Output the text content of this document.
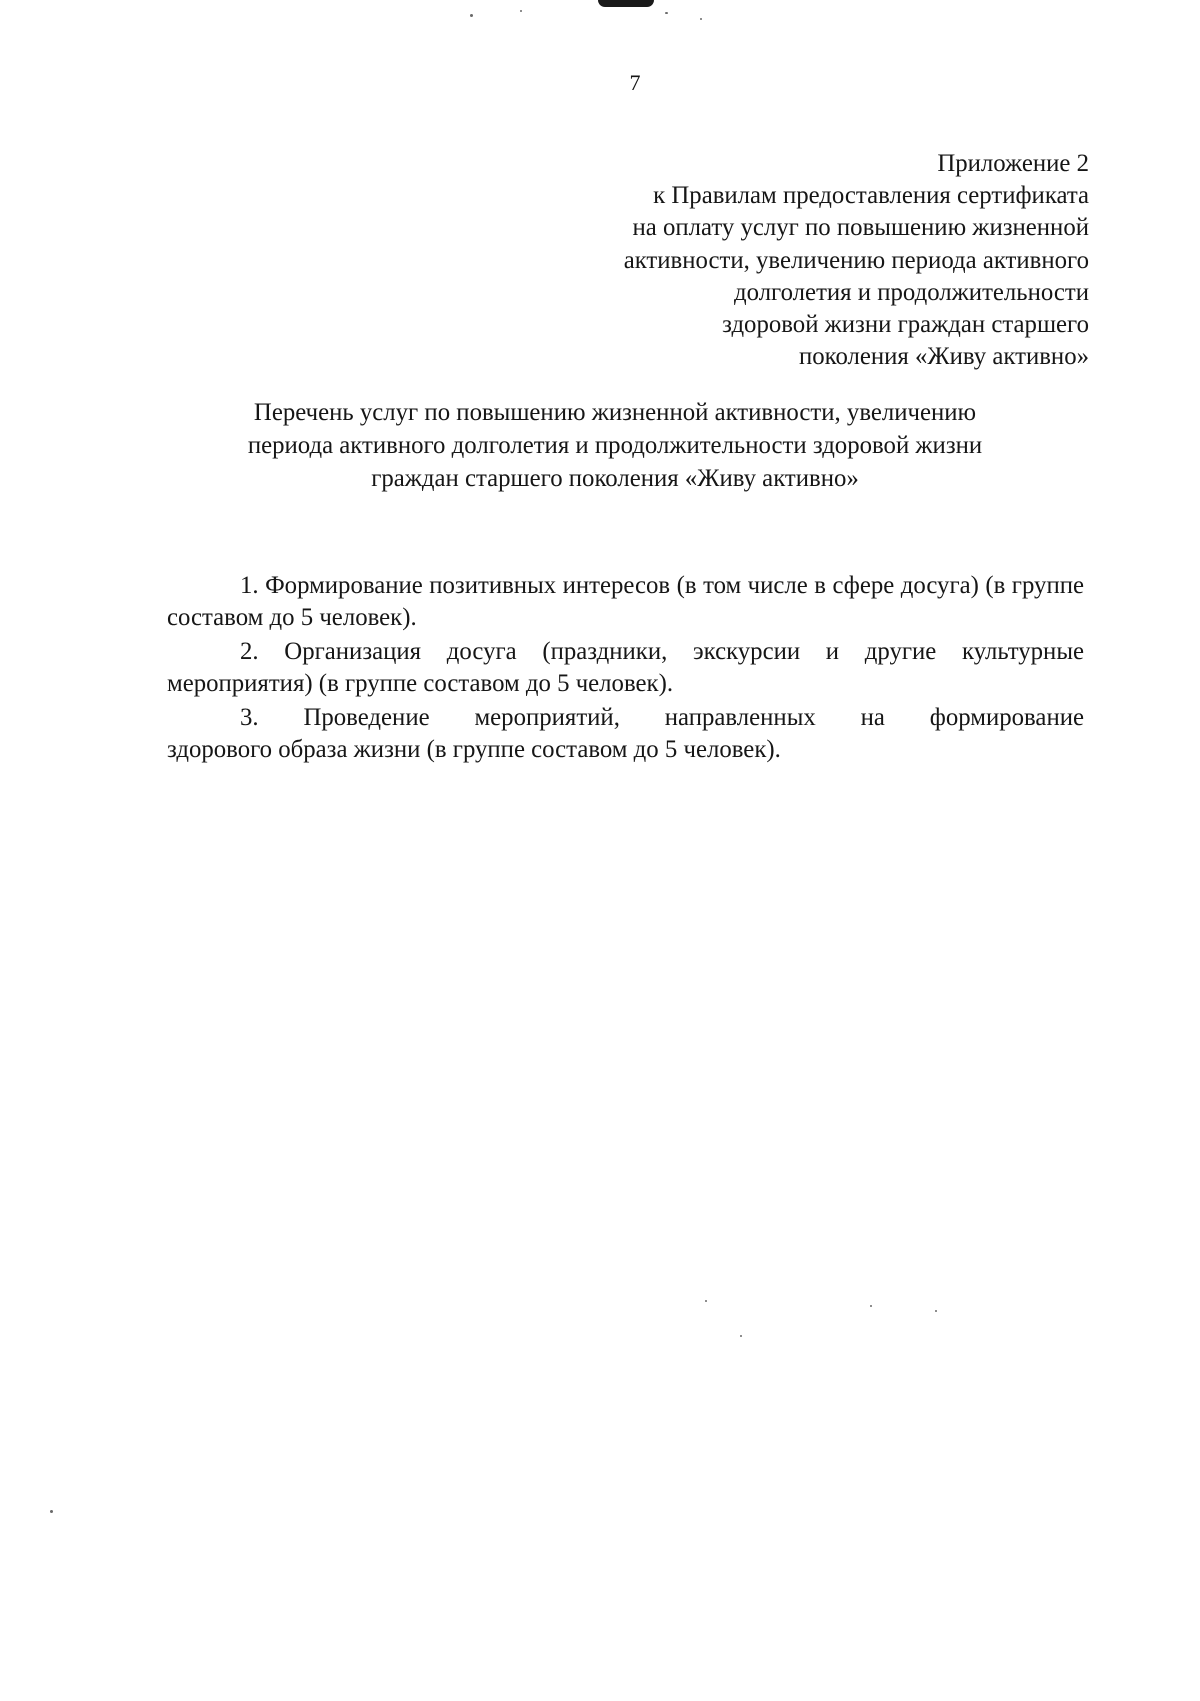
7
Приложение 2
к Правилам предоставления сертификата
на оплату услуг по повышению жизненной
активности, увеличению периода активного
долголетия и продолжительности
здоровой жизни граждан старшего
поколения «Живу активно»
Перечень услуг по повышению жизненной активности, увеличению
периода активного долголетия и продолжительности здоровой жизни
граждан старшего поколения «Живу активно»

1. Формирование позитивных интересов (в том числе в сфере досуга) (в группе составом до 5 человек).

2. Организация досуга (праздники, экскурсии и другие культурные мероприятия) (в группе составом до 5 человек).

3. Проведение мероприятий, направленных на формирование
здорового образа жизни (в группе составом до 5 человек).
